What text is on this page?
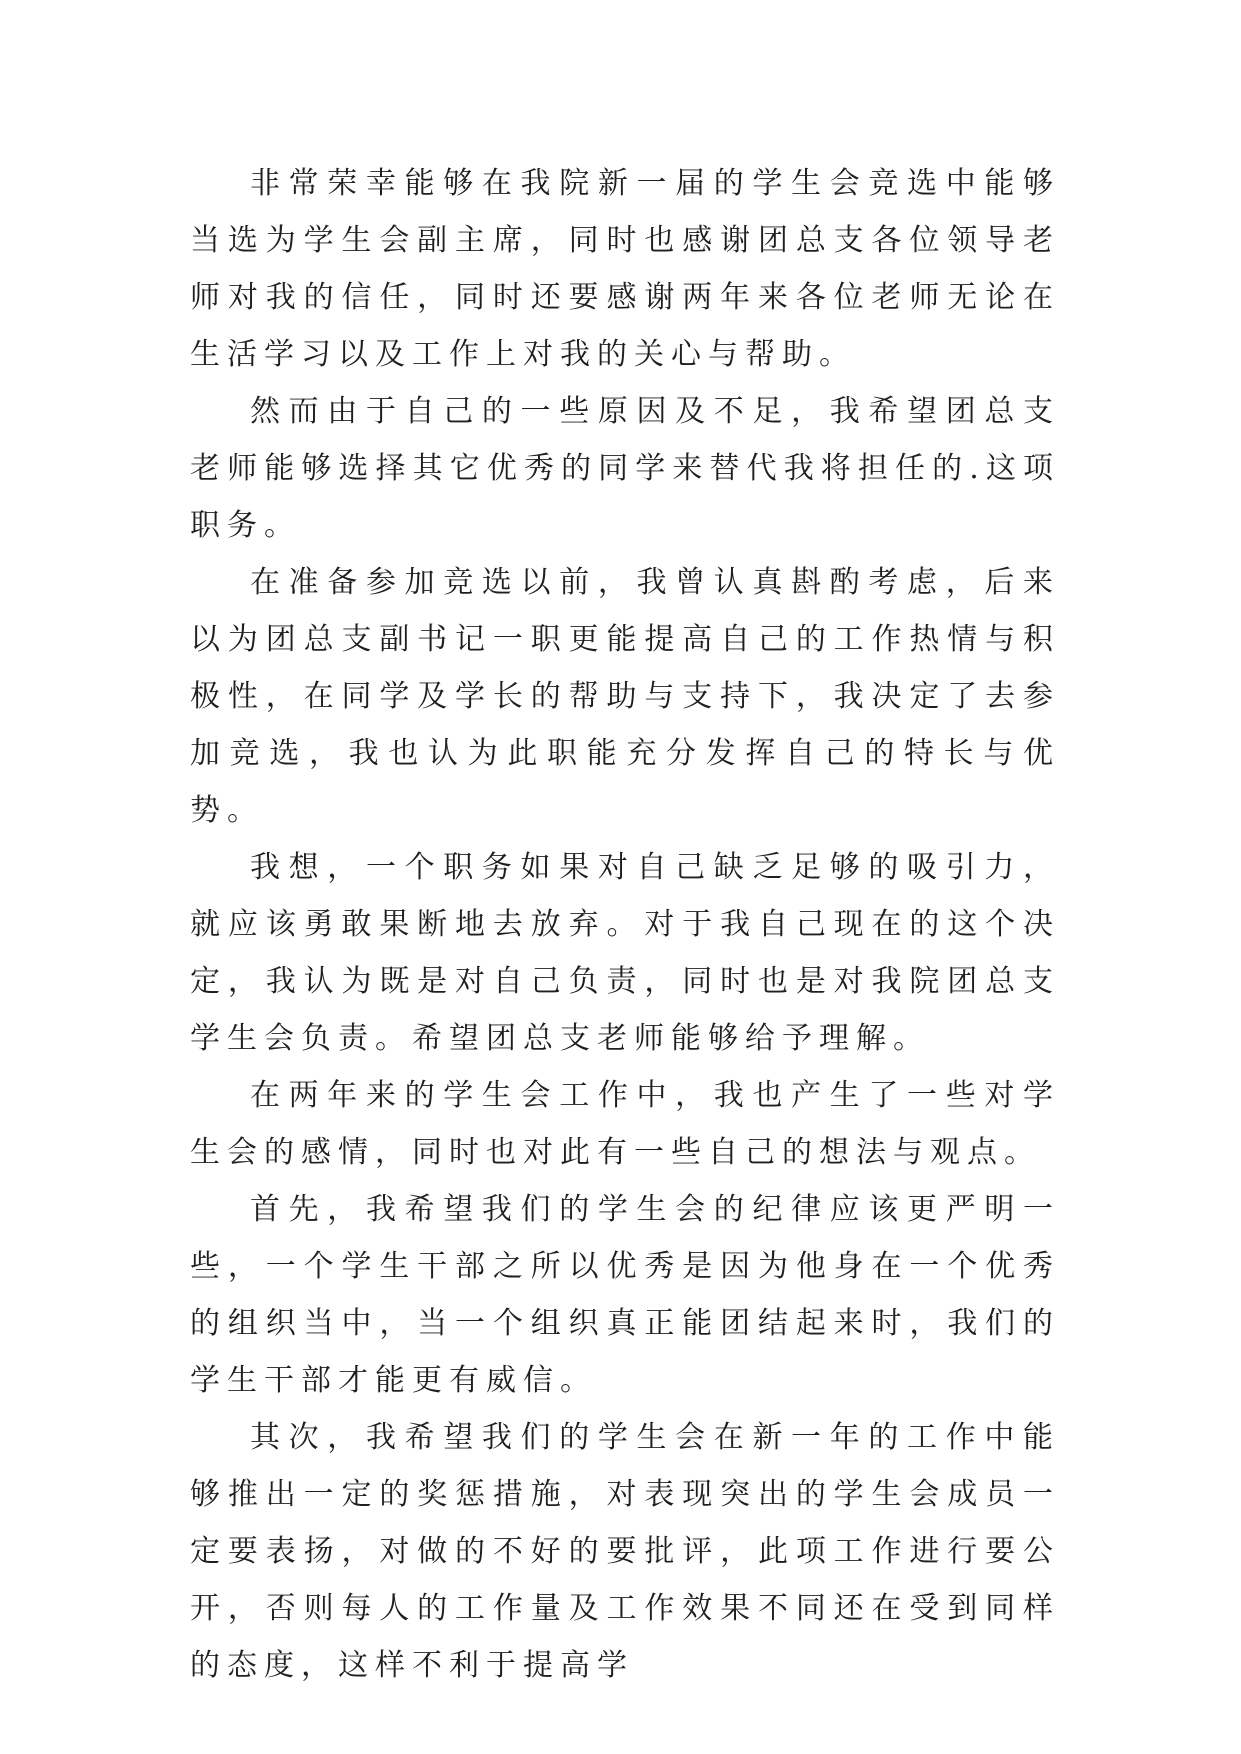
非常荣幸能够在我院新一届的学生会竞选中能够当选为学生会副主席，同时也感谢团总支各位领导老师对我的信任，同时还要感谢两年来各位老师无论在生活学习以及工作上对我的关心与帮助。

然而由于自己的一些原因及不足，我希望团总支老师能够选择其它优秀的同学来替代我将担任的.这项职务。

在准备参加竞选以前，我曾认真斟酌考虑，后来以为团总支副书记一职更能提高自己的工作热情与积极性，在同学及学长的帮助与支持下，我决定了去参加竞选，我也认为此职能充分发挥自己的特长与优势。

我想，一个职务如果对自己缺乏足够的吸引力，就应该勇敢果断地去放弃。对于我自己现在的这个决定，我认为既是对自己负责，同时也是对我院团总支学生会负责。希望团总支老师能够给予理解。

在两年来的学生会工作中，我也产生了一些对学生会的感情，同时也对此有一些自己的想法与观点。

首先，我希望我们的学生会的纪律应该更严明一些，一个学生干部之所以优秀是因为他身在一个优秀的组织当中，当一个组织真正能团结起来时，我们的学生干部才能更有威信。

其次，我希望我们的学生会在新一年的工作中能够推出一定的奖惩措施，对表现突出的学生会成员一定要表扬，对做的不好的要批评，此项工作进行要公开，否则每人的工作量及工作效果不同还在受到同样的态度，这样不利于提高学
